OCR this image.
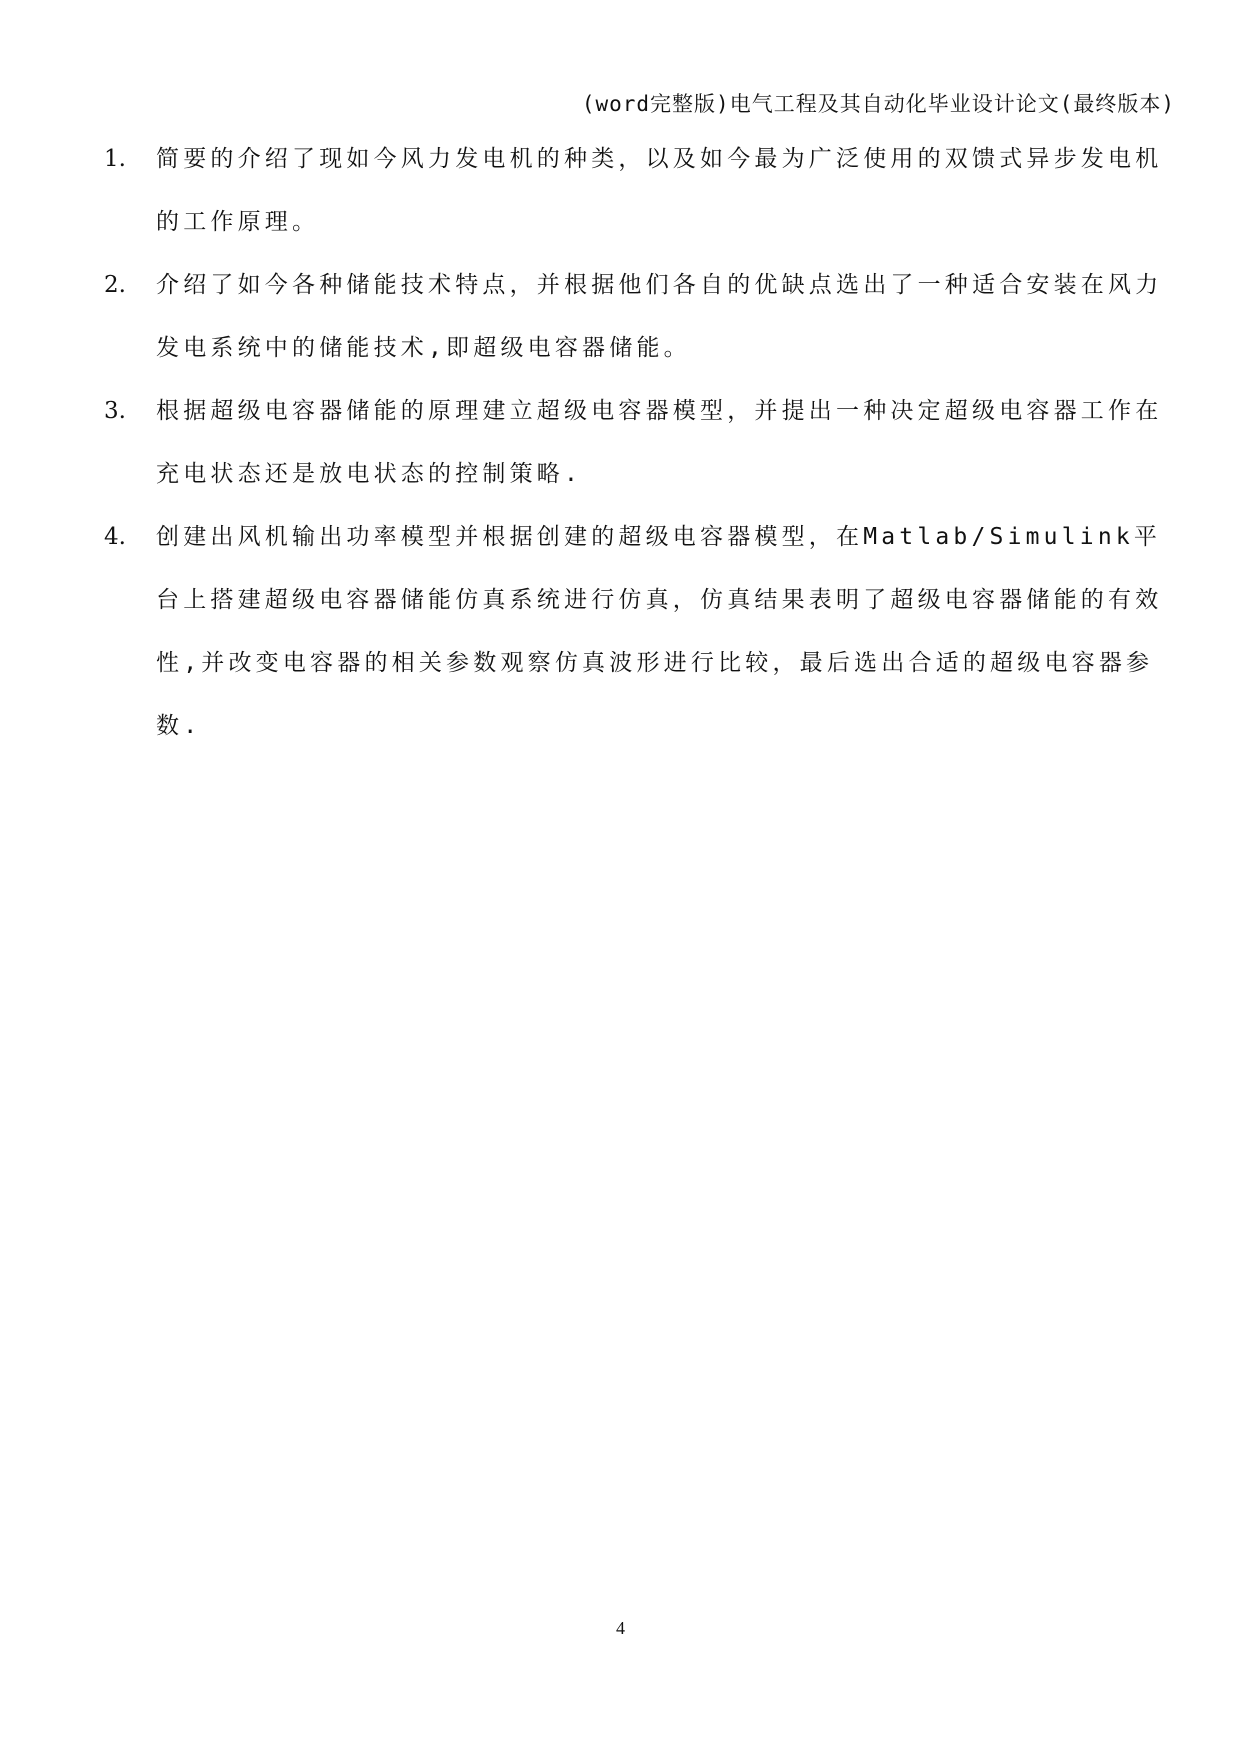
(word完整版)电气工程及其自动化毕业设计论文(最终版本)
1. 简要的介绍了现如今风力发电机的种类，以及如今最为广泛使用的双馈式异步发电机的工作原理。
2. 介绍了如今各种储能技术特点，并根据他们各自的优缺点选出了一种适合安装在风力发电系统中的储能技术,即超级电容器储能。
3. 根据超级电容器储能的原理建立超级电容器模型，并提出一种决定超级电容器工作在充电状态还是放电状态的控制策略.
4. 创建出风机输出功率模型并根据创建的超级电容器模型，在Matlab/Simulink平台上搭建超级电容器储能仿真系统进行仿真，仿真结果表明了超级电容器储能的有效性,并改变电容器的相关参数观察仿真波形进行比较，最后选出合适的超级电容器参数.
4
